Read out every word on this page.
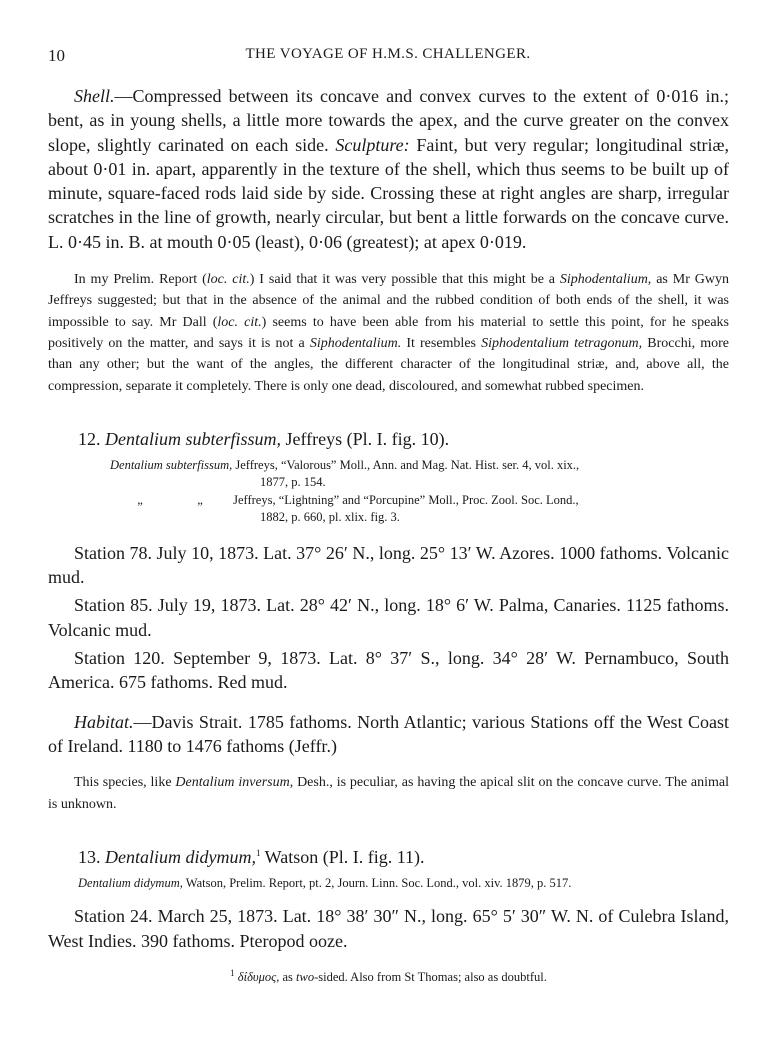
10	THE VOYAGE OF H.M.S. CHALLENGER.

Shell.—Compressed between its concave and convex curves to the extent of 0·016 in.; bent, as in young shells, a little more towards the apex, and the curve greater on the convex slope, slightly carinated on each side. Sculpture: Faint, but very regular; longitudinal striæ, about 0·01 in. apart, apparently in the texture of the shell, which thus seems to be built up of minute, square-faced rods laid side by side. Crossing these at right angles are sharp, irregular scratches in the line of growth, nearly circular, but bent a little forwards on the concave curve. L. 0·45 in. B. at mouth 0·05 (least), 0·06 (greatest); at apex 0·019.

In my Prelim. Report (loc. cit.) I said that it was very possible that this might be a Siphodentalium, as Mr Gwyn Jeffreys suggested; but that in the absence of the animal and the rubbed condition of both ends of the shell, it was impossible to say. Mr Dall (loc. cit.) seems to have been able from his material to settle this point, for he speaks positively on the matter, and says it is not a Siphodentalium. It resembles Siphodentalium tetragonum, Brocchi, more than any other; but the want of the angles, the different character of the longitudinal striæ, and, above all, the compression, separate it completely. There is only one dead, discoloured, and somewhat rubbed specimen.

12. Dentalium subterfissum, Jeffreys (Pl. I. fig. 10).
Dentalium subterfissum, Jeffreys, “Valorous” Moll., Ann. and Mag. Nat. Hist. ser. 4, vol. xix.,
1877, p. 154.
„	„ Jeffreys, “Lightning” and “Porcupine” Moll., Proc. Zool. Soc. Lond.,
1882, p. 660, pl. xlix. fig. 3.

Station 78. July 10, 1873. Lat. 37° 26′ N., long. 25° 13′ W. Azores. 1000 fathoms. Volcanic mud.

Station 85. July 19, 1873. Lat. 28° 42′ N., long. 18° 6′ W. Palma, Canaries. 1125 fathoms. Volcanic mud.

Station 120. September 9, 1873. Lat. 8° 37′ S., long. 34° 28′ W. Pernambuco, South America. 675 fathoms. Red mud.

Habitat.—Davis Strait. 1785 fathoms. North Atlantic; various Stations off the West Coast of Ireland. 1180 to 1476 fathoms (Jeffr.)

This species, like Dentalium inversum, Desh., is peculiar, as having the apical slit on the concave curve. The animal is unknown.

13. Dentalium didymum,$^1$ Watson (Pl. I. fig. 11).
Dentalium didymum, Watson, Prelim. Report, pt. 2, Journ. Linn. Soc. Lond., vol. xiv. 1879, p. 517.

Station 24. March 25, 1873. Lat. 18° 38′ 30″ N., long. 65° 5′ 30″ W. N. of Culebra Island, West Indies. 390 fathoms. Pteropod ooze.

$^1$ δίδυμος, as two-sided. Also from St Thomas; also as doubtful.
